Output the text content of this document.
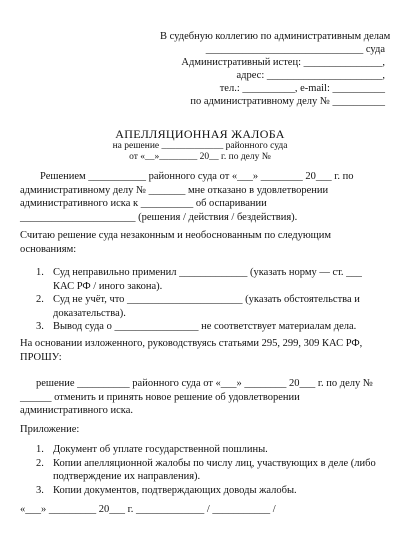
В судебную коллегию по административным делам
______________________________ суда
Административный истец: _______________,
адрес: ______________________,
тел.: __________, e-mail: __________
по административному делу № __________
АПЕЛЛЯЦИОННАЯ ЖАЛОБА
на решение _____________ районного суда
от «__»________ 20__ г. по делу №
Решением ___________ районного суда от «___» ________ 20___ г. по административному делу № _______ мне отказано в удовлетворении административного иска к __________ об оспаривании ______________________ (решения / действия / бездействия).
Считаю решение суда незаконным и необоснованным по следующим основаниям:
1. Суд неправильно применил _____________ (указать норму — ст. ___ КАС РФ / иного закона).
2. Суд не учёт, что ______________________ (указать обстоятельства и доказательства).
3. Вывод суда о ________________ не соответствует материалам дела.
На основании изложенного, руководствуясь статьями 295, 299, 309 КАС РФ, ПРОШУ:
решение __________ районного суда от «___» ________ 20___ г. по делу № ______ отменить и принять новое решение об удовлетворении административного иска.
Приложение:
1. Документ об уплате государственной пошлины.
2. Копии апелляционной жалобы по числу лиц, участвующих в деле (либо подтверждение их направления).
3. Копии документов, подтверждающих доводы жалобы.
«___» _________ 20___ г. _____________ / ___________ /
